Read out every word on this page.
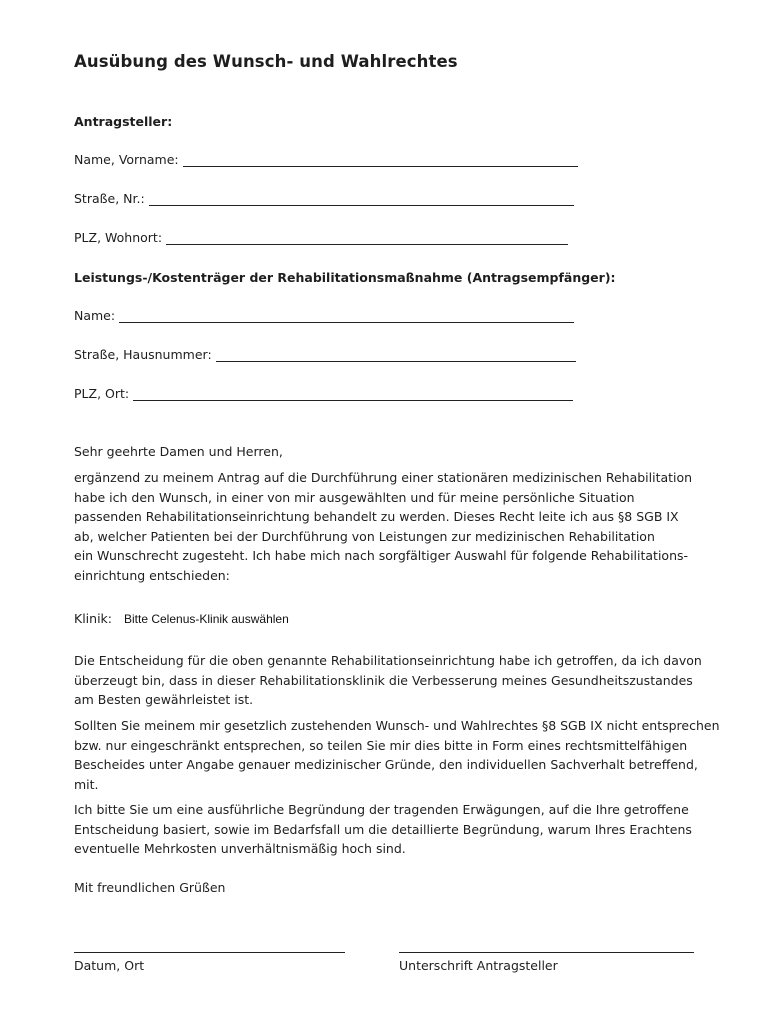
Ausübung des Wunsch- und Wahlrechtes
Antragsteller:
Name, Vorname:
Straße, Nr.:
PLZ, Wohnort:
Leistungs-/Kostenträger der Rehabilitationsmaßnahme (Antragsempfänger):
Name:
Straße, Hausnummer:
PLZ, Ort:
Sehr geehrte Damen und Herren,

ergänzend zu meinem Antrag auf die Durchführung einer stationären medizinischen Rehabilitation

habe ich den Wunsch, in einer von mir ausgewählten und für meine persönliche Situation

passenden Rehabilitationseinrichtung behandelt zu werden. Dieses Recht leite ich aus §8 SGB IX

ab, welcher Patienten bei der Durchführung von Leistungen zur medizinischen Rehabilitation

ein Wunschrecht zugesteht. Ich habe mich nach sorgfältiger Auswahl für folgende Rehabilitations-

einrichtung entschieden:

Klinik: Bitte Celenus-Klinik auswählen

Die Entscheidung für die oben genannte Rehabilitationseinrichtung habe ich getroffen, da ich davon

überzeugt bin, dass in dieser Rehabilitationsklinik die Verbesserung meines Gesundheitszustandes

am Besten gewährleistet ist.

Sollten Sie meinem mir gesetzlich zustehenden Wunsch- und Wahlrechtes §8 SGB IX nicht entsprechen

bzw. nur eingeschränkt entsprechen, so teilen Sie mir dies bitte in Form eines rechtsmittelfähigen

Bescheides unter Angabe genauer medizinischer Gründe, den individuellen Sachverhalt betreffend,

mit.

Ich bitte Sie um eine ausführliche Begründung der tragenden Erwägungen, auf die Ihre getroffene

Entscheidung basiert, sowie im Bedarfsfall um die detaillierte Begründung, warum Ihres Erachtens

eventuelle Mehrkosten unverhältnismäßig hoch sind.

Mit freundlichen Grüßen
Datum, Ort	Unterschrift Antragsteller
